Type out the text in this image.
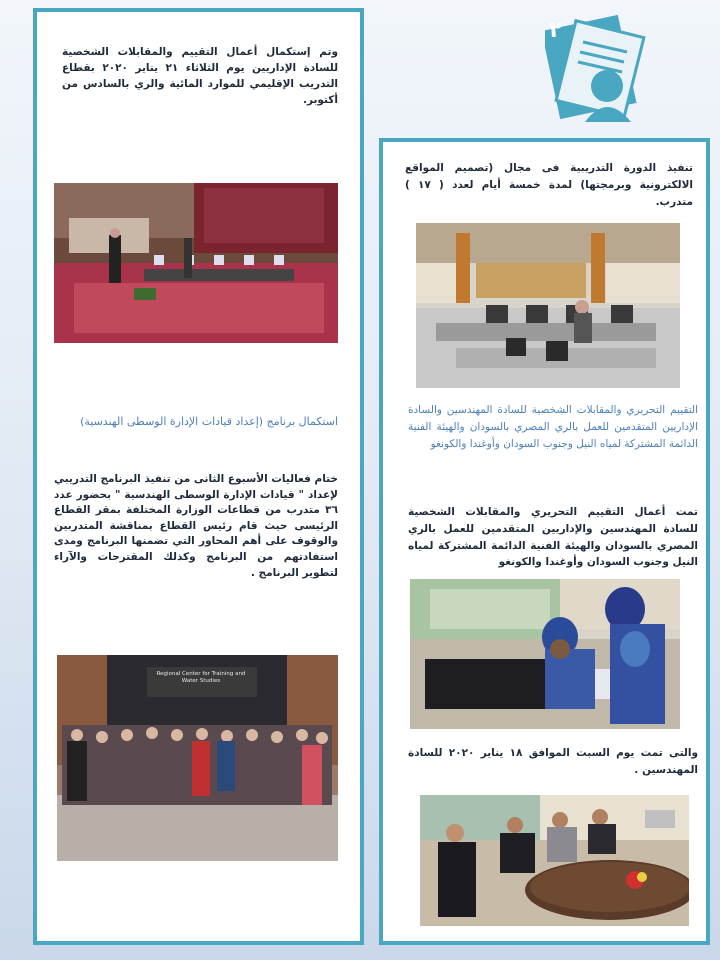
وتم إستكمال أعمال التقييم والمقابلات الشخصية للسادة الإداريين يوم الثلاثاء ٢١ يناير ٢٠٢٠ بقطاع التدريب الإقليمي للموارد المائية والري بالسادس من أكتوبر.

استكمال برنامج (إعداد قيادات الإدارة الوسطى الهندسية)

ختام فعاليات الأسبوع الثانى من تنفيذ البرنامج التدريبي لإعداد " قيادات الإدارة الوسطى الهندسية " بحضور عدد ٣٦ متدرب من قطاعات الوزارة المختلفة بمقر القطاع الرئيسى حيث قام رئيس القطاع بمناقشة المتدربين والوقوف على أهم المحاور التي تضمنها البرنامج ومدى استفادتهم من البرنامج وكذلك المقترحات والآراء لتطوير البرنامج .

Regional Center for Training and Water Studies
٢

تنفيذ الدورة التدريبية فى مجال (تصميم المواقع الالكترونية وبرمجتها) لمدة خمسة أيام لعدد ( ١٧ ) متدرب.

التقييم التحريري والمقابلات الشخصية للسادة المهندسين والسادة الإداريين المتقدمين للعمل بالري المصري بالسودان والهيئة الفنية الدائمة المشتركة لمياه النيل وجنوب السودان وأوغندا والكونغو

تمت أعمال التقييم التحريري والمقابلات الشخصية للسادة المهندسين والإداريين المتقدمين للعمل بالري المصري بالسودان والهيئة الفنية الدائمة المشتركة لمياه النيل وجنوب السودان وأوغندا والكونغو

والتى تمت يوم السبت الموافق ١٨ يناير ٢٠٢٠ للسادة المهندسين .
